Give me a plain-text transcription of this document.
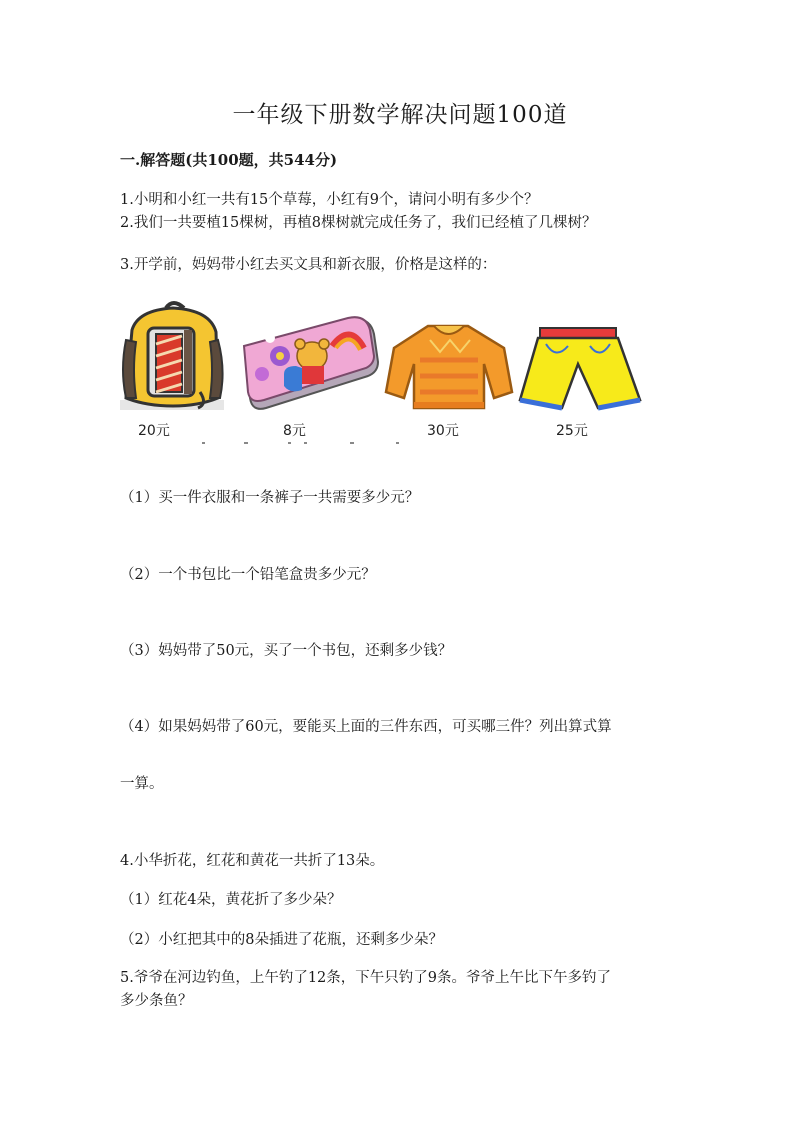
一年级下册数学解决问题100道
一.解答题(共100题，共544分)
1.小明和小红一共有15个草莓，小红有9个，请问小明有多少个？
2.我们一共要植15棵树，再植8棵树就完成任务了，我们已经植了几棵树？
3.开学前，妈妈带小红去买文具和新衣服，价格是这样的：
20元	8元	30元	25元
（1）买一件衣服和一条裤子一共需要多少元？
（2）一个书包比一个铅笔盒贵多少元？
（3）妈妈带了50元，买了一个书包，还剩多少钱？
（4）如果妈妈带了60元，要能买上面的三件东西，可买哪三件？列出算式算
一算。
4.小华折花，红花和黄花一共折了13朵。
（1）红花4朵，黄花折了多少朵？
（2）小红把其中的8朵插进了花瓶，还剩多少朵？
5.爷爷在河边钓鱼，上午钓了12条，下午只钓了9条。爷爷上午比下午多钓了
多少条鱼？
